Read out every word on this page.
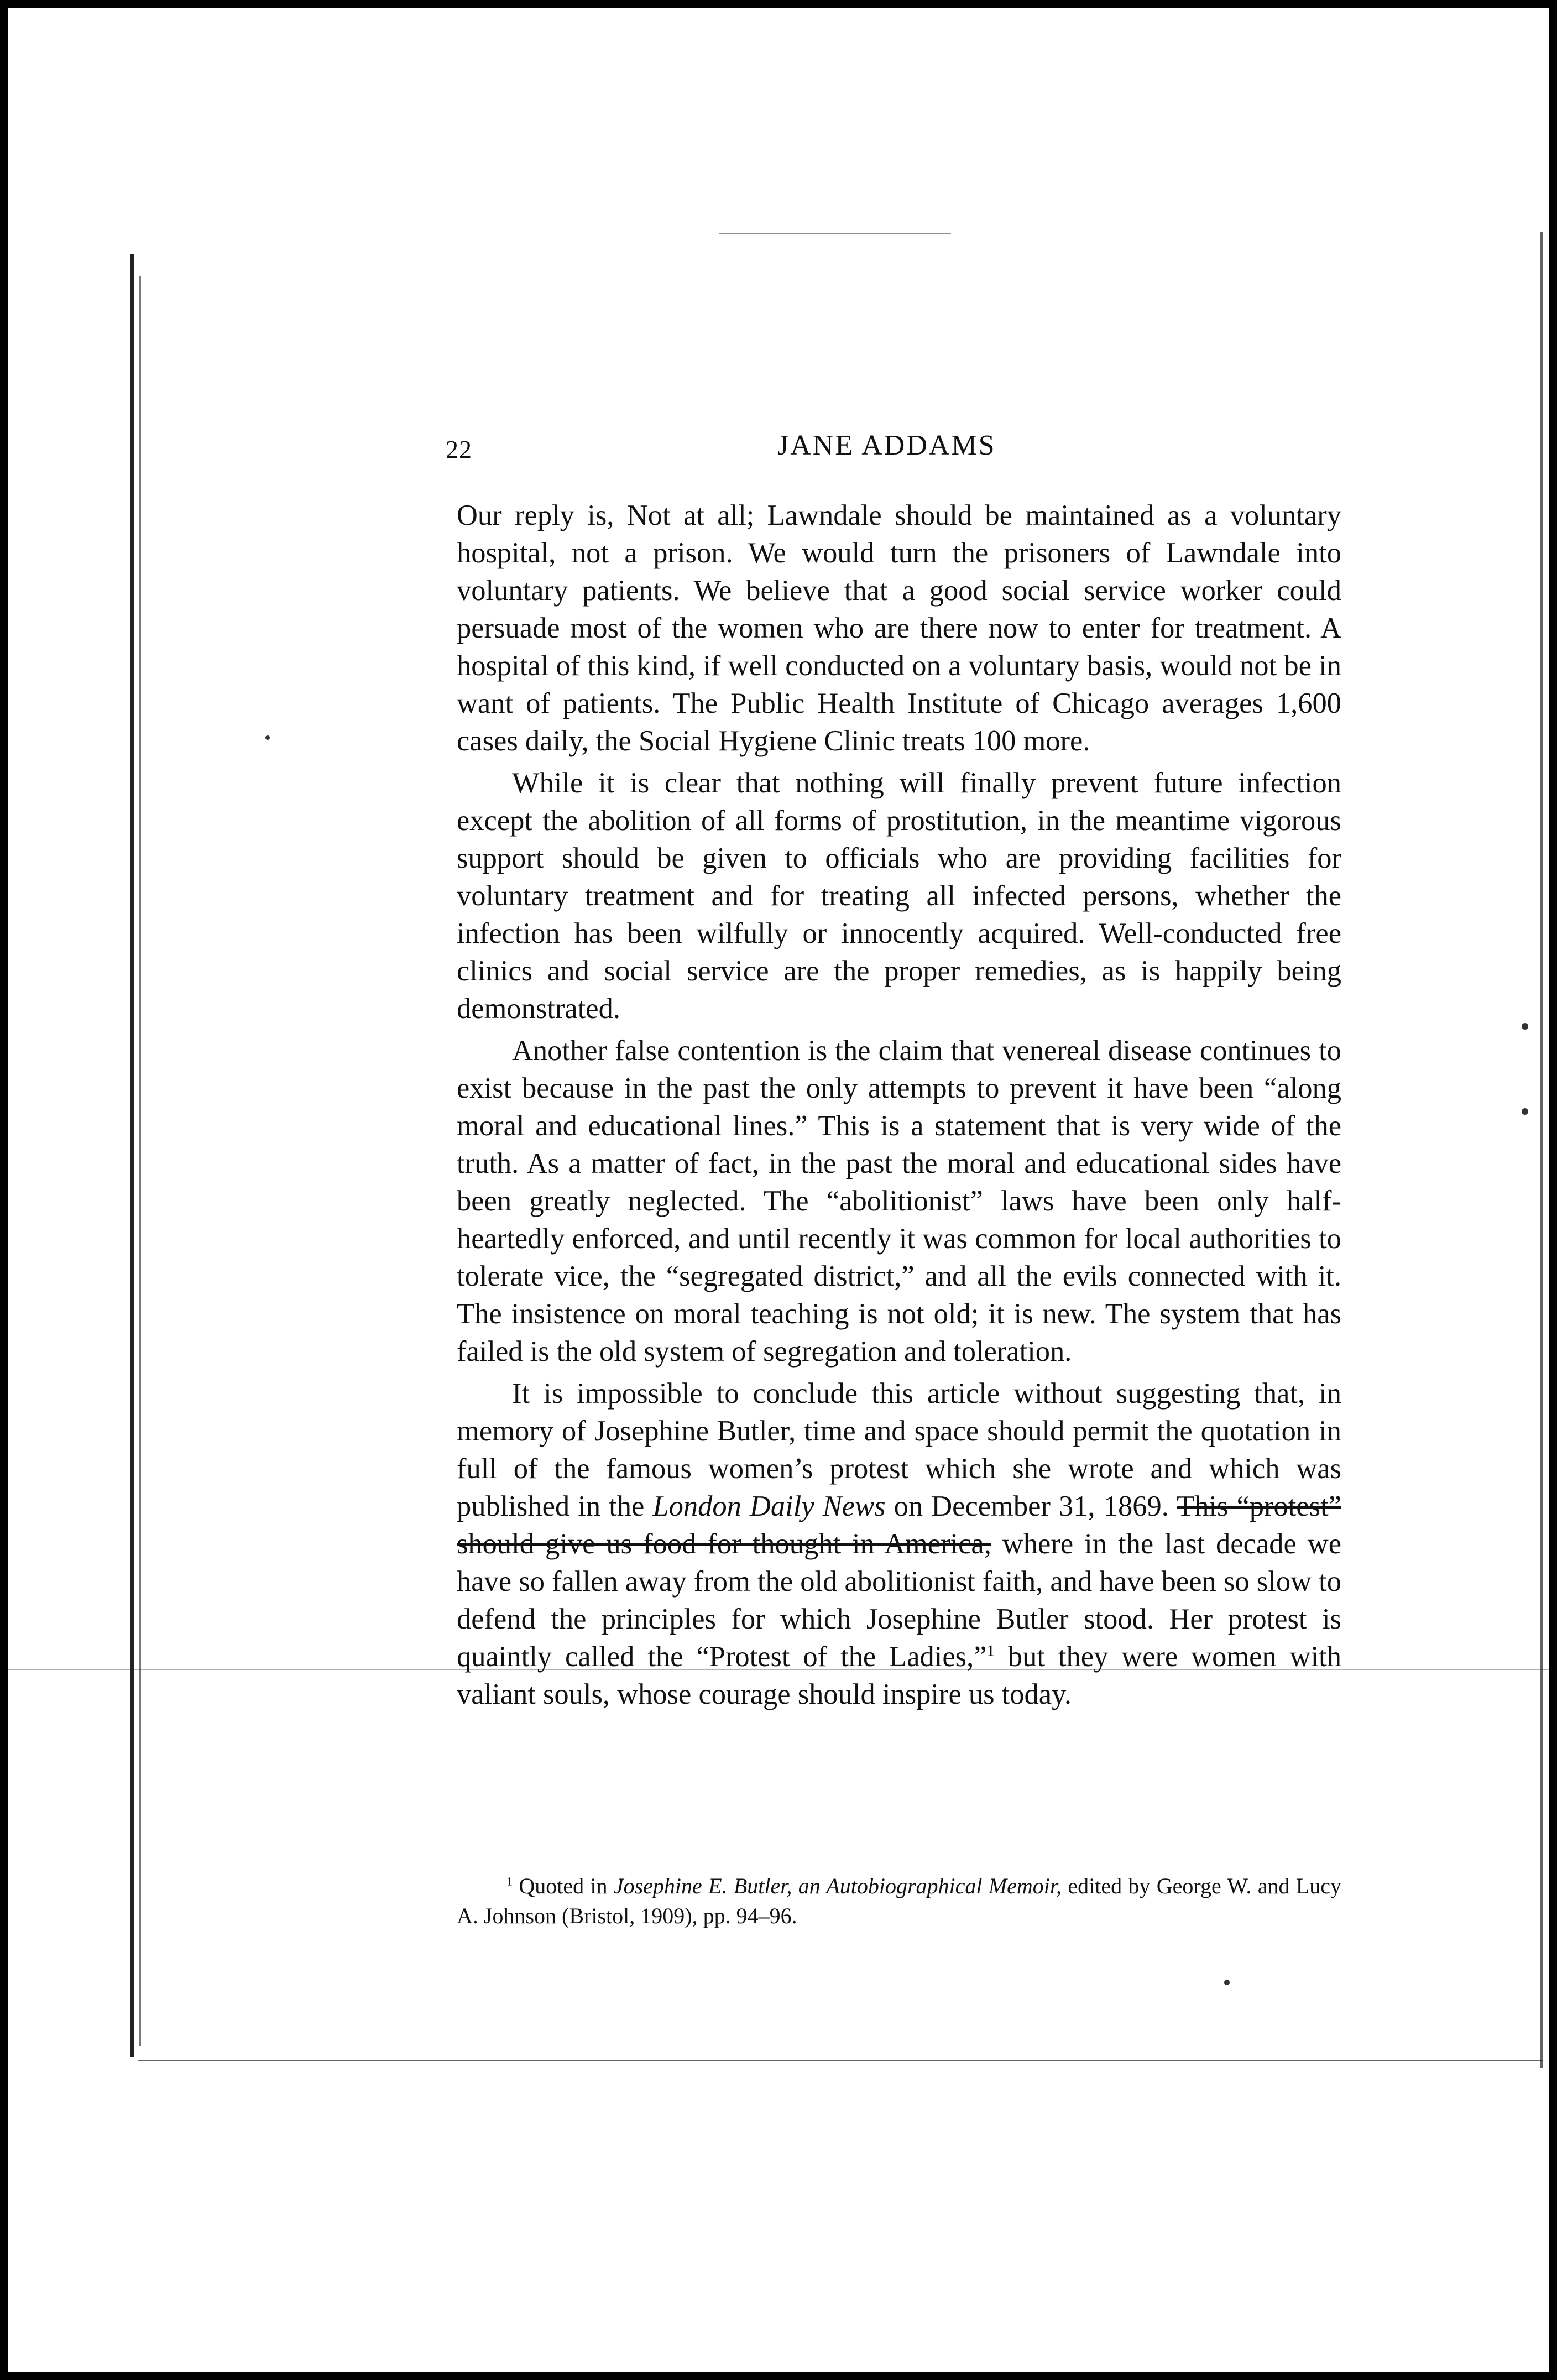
22	JANE ADDAMS

Our reply is, Not at all; Lawndale should be maintained as a voluntary hospital, not a prison. We would turn the prisoners of Lawndale into voluntary patients. We believe that a good social service worker could persuade most of the women who are there now to enter for treatment. A hospital of this kind, if well conducted on a voluntary basis, would not be in want of patients. The Public Health Institute of Chicago averages 1,600 cases daily, the Social Hygiene Clinic treats 100 more.

While it is clear that nothing will finally prevent future infection except the abolition of all forms of prostitution, in the meantime vigorous support should be given to officials who are providing facilities for voluntary treatment and for treating all infected persons, whether the infection has been wilfully or innocently acquired. Well-conducted free clinics and social service are the proper remedies, as is happily being demonstrated.

Another false contention is the claim that venereal disease continues to exist because in the past the only attempts to prevent it have been “along moral and educational lines.” This is a statement that is very wide of the truth. As a matter of fact, in the past the moral and educational sides have been greatly neglected. The “abolitionist” laws have been only half-heartedly enforced, and until recently it was common for local authorities to tolerate vice, the “segregated district,” and all the evils connected with it. The insistence on moral teaching is not old; it is new. The system that has failed is the old system of segregation and toleration.

It is impossible to conclude this article without suggesting that, in memory of Josephine Butler, time and space should permit the quotation in full of the famous women’s protest which she wrote and which was published in the London Daily News on December 31, 1869. This “protest” should give us food for thought in America, where in the last decade we have so fallen away from the old abolitionist faith, and have been so slow to defend the principles for which Josephine Butler stood. Her protest is quaintly called the “Protest of the Ladies,”$^1$ but they were women with valiant souls, whose courage should inspire us today.

$^1$ Quoted in Josephine E. Butler, an Autobiographical Memoir, edited by George W. and Lucy A. Johnson (Bristol, 1909), pp. 94–96.
